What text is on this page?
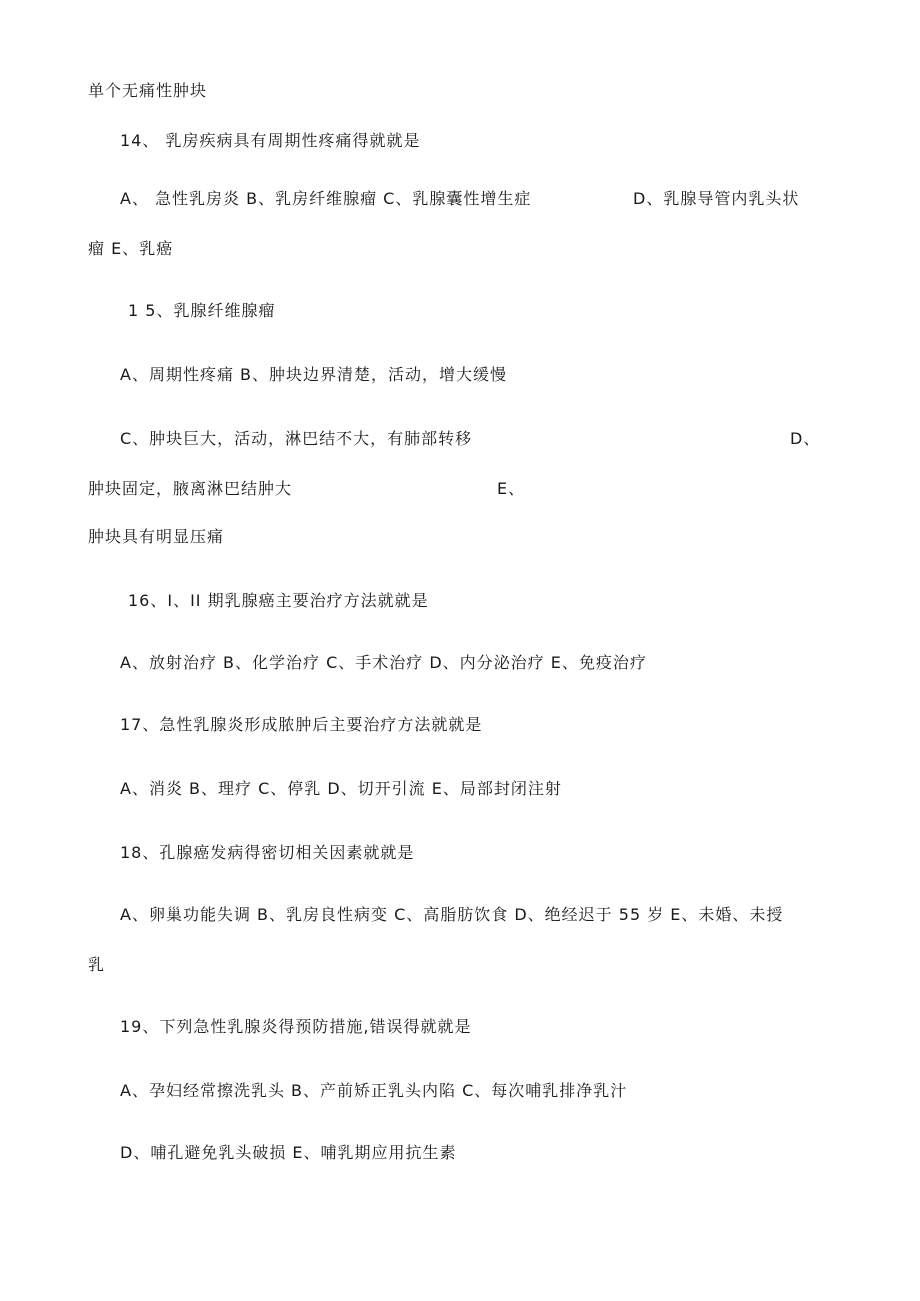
单个无痛性肿块
14、 乳房疾病具有周期性疼痛得就就是
A、 急性乳房炎 B、乳房纤维腺瘤 C、乳腺囊性增生症	D、乳腺导管内乳头状
瘤 E、乳癌
1 5、乳腺纤维腺瘤
A、周期性疼痛 B、肿块边界清楚，活动，增大缓慢
C、肿块巨大，活动，淋巴结不大，有肺部转移	D、
肿块固定，腋离淋巴结肿大	E、
肿块具有明显压痛
16、I、II 期乳腺癌主要治疗方法就就是
A、放射治疗 B、化学治疗 C、手术治疗 D、内分泌治疗 E、免疫治疗
17、急性乳腺炎形成脓肿后主要治疗方法就就是
A、消炎 B、理疗 C、停乳 D、切开引流 E、局部封闭注射
18、孔腺癌发病得密切相关因素就就是
A、卵巢功能失调 B、乳房良性病变 C、高脂肪饮食 D、绝经迟于 55 岁 E、未婚、未授
乳
19、下列急性乳腺炎得预防措施,错误得就就是
A、孕妇经常擦洗乳头 B、产前矫正乳头内陷 C、每次哺乳排净乳汁
D、哺孔避免乳头破损 E、哺乳期应用抗生素
